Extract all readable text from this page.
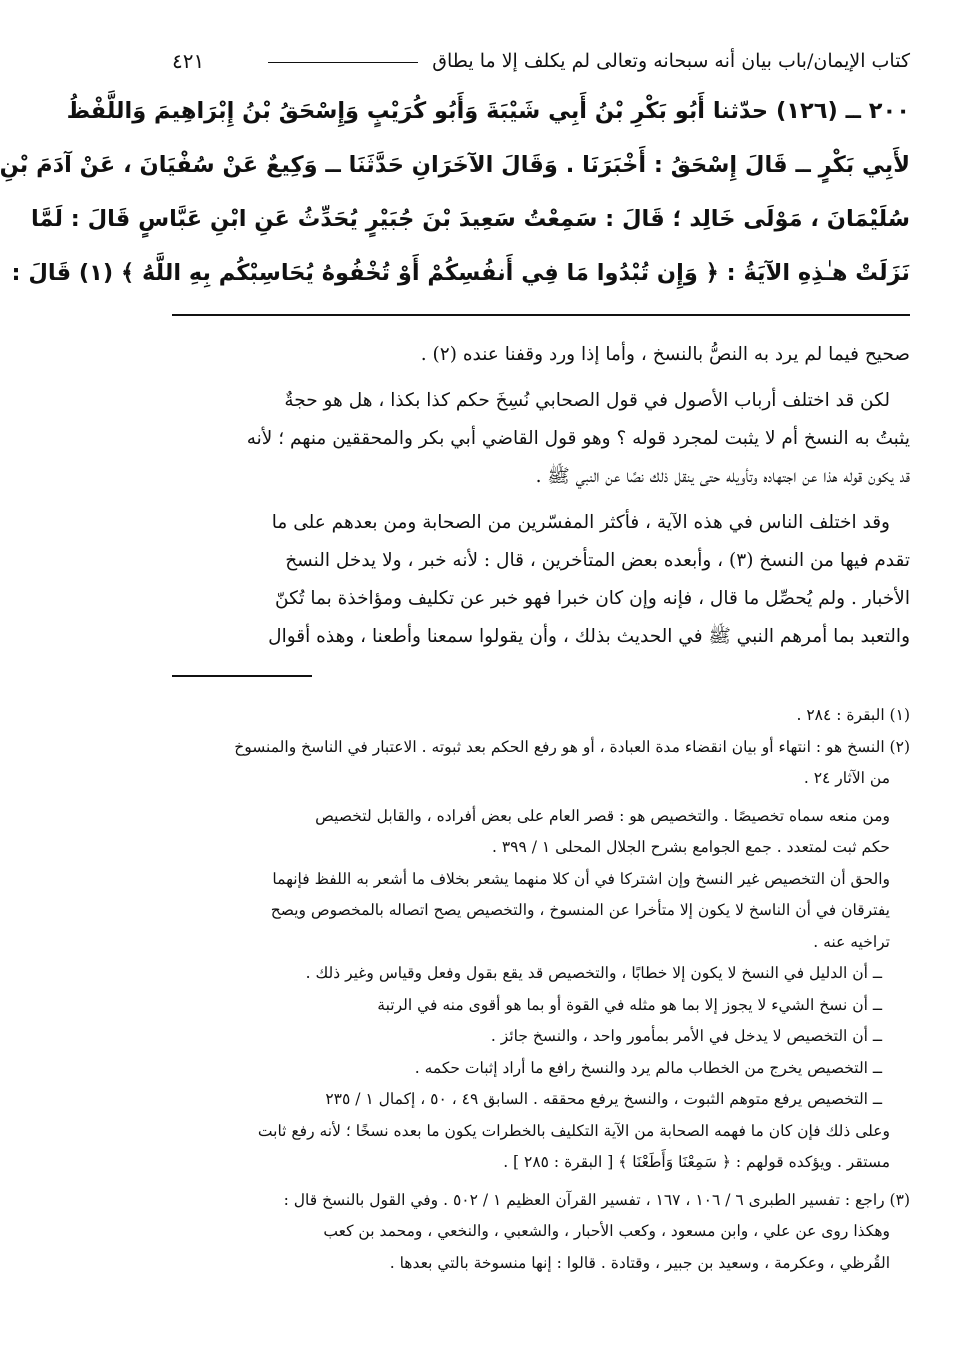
كتاب الإيمان/باب بيان أنه سبحانه وتعالى لم يكلف إلا ما يطاق
٤٢١
٢٠٠ ــ (١٢٦) حدّثنا أَبُو بَكْرِ بْنُ أَبِي شَيْبَةَ وَأَبُو كُرَيْبٍ وَإِسْحَقُ بْنُ إِبْرَاهِيمَ وَاللَّفْظُ
لأَبِي بَكْرٍ ــ قَالَ إِسْحَقُ : أَخْبَرَنَا . وَقَالَ الآخَرَانِ حَدَّثَنَا ــ وَكِيعٌ عَنْ سُفْيَانَ ، عَنْ آدَمَ بْنِ
سُلَيْمَانَ ، مَوْلَى خَالِد ؛ قَالَ : سَمِعْتُ سَعِيدَ بْنَ جُبَيْرٍ يُحَدِّثُ عَنِ ابْنِ عَبَّاسٍ قَالَ : لَمَّا
نَزَلَتْ هـٰذِهِ الآيَةُ : ﴿ وَإِن تُبْدُوا مَا فِي أَنفُسِكُمْ أَوْ تُخْفُوهُ يُحَاسِبْكُم بِهِ اللَّهُ ﴾ (١) قَالَ :

صحيح فيما لم يرد به النصُّ بالنسخ ، وأما إذا ورد وقفنا عنده (٢) .

لكن قد اختلف أرباب الأصول في قول الصحابي نُسِخَ حكم كذا بكذا ، هل هو حجةٌ

يثبتُ به النسخ أم لا يثبت لمجرد قوله ؟ وهو قول القاضي أبي بكر والمحققين منهم ؛ لأنه

قد يكون قوله هذا عن اجتهاده وتأويله حتى ينقل ذلك نصًا عن النبي ﷺ .

وقد اختلف الناس في هذه الآية ، فأكثر المفسّرين من الصحابة ومن بعدهم على ما

تقدم فيها من النسخ (٣) ، وأبعده بعض المتأخرين ، قال : لأنه خبر ، ولا يدخل النسخ

الأخبار . ولم يُحصِّل ما قال ، فإنه وإن كان خبرا فهو خبر عن تكليف ومؤاخذة بما تُكنّ

والتعبد بما أمرهم النبي ﷺ في الحديث بذلك ، وأن يقولوا سمعنا وأطعنا ، وهذه أقوال

(١) البقرة : ٢٨٤ .

(٢) النسخ هو : انتهاء أو بيان انقضاء مدة العبادة ، أو هو رفع الحكم بعد ثبوته . الاعتبار في الناسخ والمنسوخ

من الآثار ٢٤ .

ومن منعه سماه تخصيصًا . والتخصيص هو : قصر العام على بعض أفراده ، والقابل لتخصيص

حكم ثبت لمتعدد . جمع الجوامع بشرح الجلال المحلى ١ / ٣٩٩ .

والحق أن التخصيص غير النسخ وإن اشتركا في أن كلا منهما يشعر بخلاف ما أشعر به اللفظ فإنهما

يفترقان في أن الناسخ لا يكون إلا متأخرا عن المنسوخ ، والتخصيص يصح اتصاله بالمخصوص ويصح

تراخيه عنه .

ــ أن الدليل في النسخ لا يكون إلا خطابًا ، والتخصيص قد يقع بقول وفعل وقياس وغير ذلك .

ــ أن نسخ الشيء لا يجوز إلا بما هو مثله في القوة أو بما هو أقوى منه في الرتبة

ــ أن التخصيص لا يدخل في الأمر بمأمور واحد ، والنسخ جائز .

ــ التخصيص يخرج من الخطاب مالم يرد والنسخ رافع ما أراد إثبات حكمه .

ــ التخصيص يرفع متوهم الثبوت ، والنسخ يرفع محققه . السابق ٤٩ ، ٥٠ ، إكمال ١ / ٢٣٥

وعلى ذلك فإن كان ما فهمه الصحابة من الآية التكليف بالخطرات يكون ما بعده نسخًا ؛ لأنه رفع ثابت

مستقر . ويؤكده قولهم : ﴿ سَمِعْنَا وَأَطَعْنَا ﴾ [ البقرة : ٢٨٥ ] .

(٣) راجع : تفسير الطبرى ٦ / ١٠٦ ، ١٦٧ ، تفسير القرآن العظيم ١ / ٥٠٢ . وفي القول بالنسخ قال :

وهكذا روى عن علي ، وابن مسعود ، وكعب الأحبار ، والشعبي ، والنخعي ، ومحمد بن كعب

القُرظي ، وعكرمة ، وسعيد بن جبير ، وقتادة . قالوا : إنها منسوخة بالتي بعدها .
